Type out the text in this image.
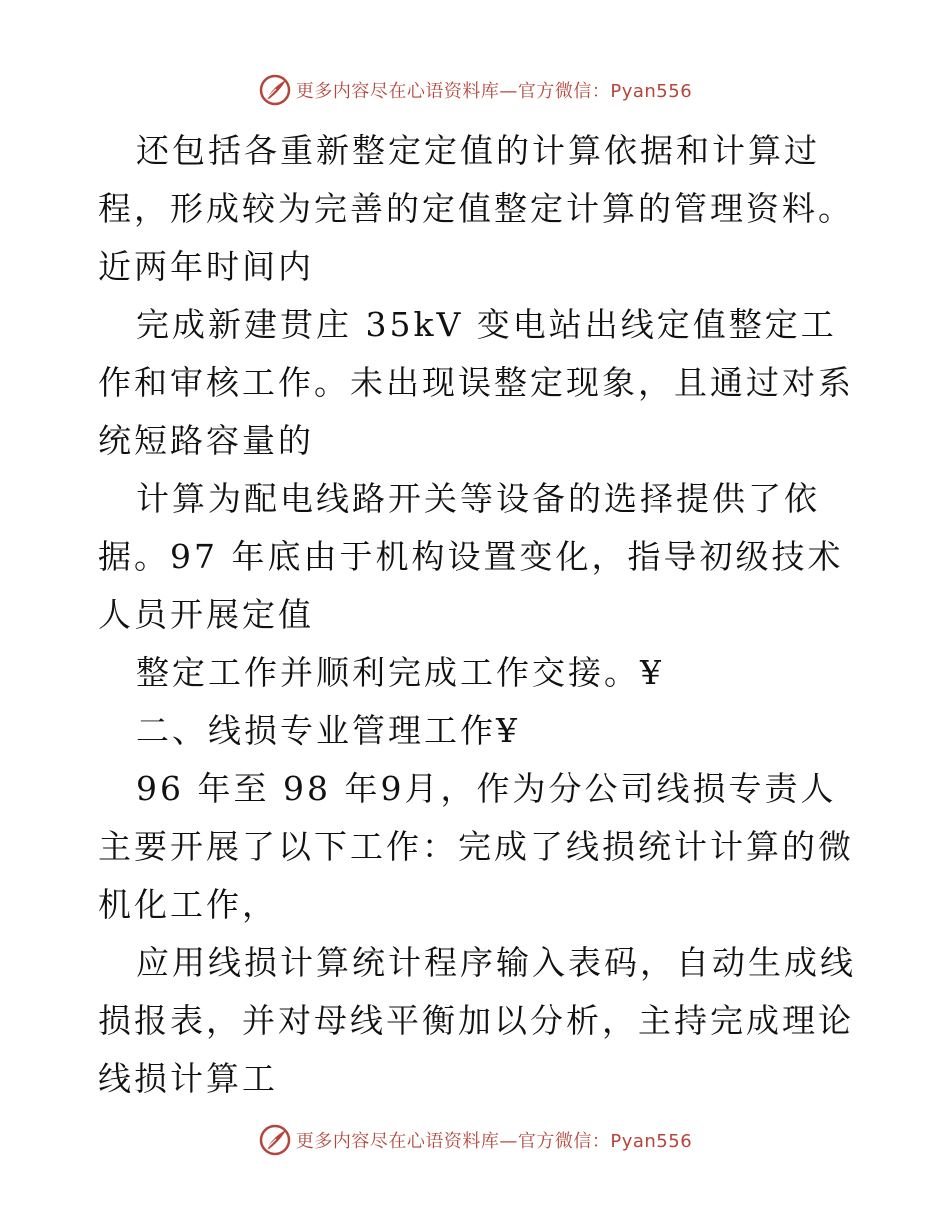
更多内容尽在心语资料库—官方微信：Pyan556

还包括各重新整定定值的计算依据和计算过程，形成较为完善的定值整定计算的管理资料。近两年时间内

完成新建贯庄 35kV 变电站出线定值整定工作和审核工作。未出现误整定现象，且通过对系统短路容量的

计算为配电线路开关等设备的选择提供了依据。97 年底由于机构设置变化，指导初级技术人员开展定值

整定工作并顺利完成工作交接。¥

二、线损专业管理工作¥

96 年至 98 年9月，作为分公司线损专责人主要开展了以下工作：完成了线损统计计算的微机化工作，

应用线损计算统计程序输入表码，自动生成线损报表，并对母线平衡加以分析，主持完成理论线损计算工

更多内容尽在心语资料库—官方微信：Pyan556
